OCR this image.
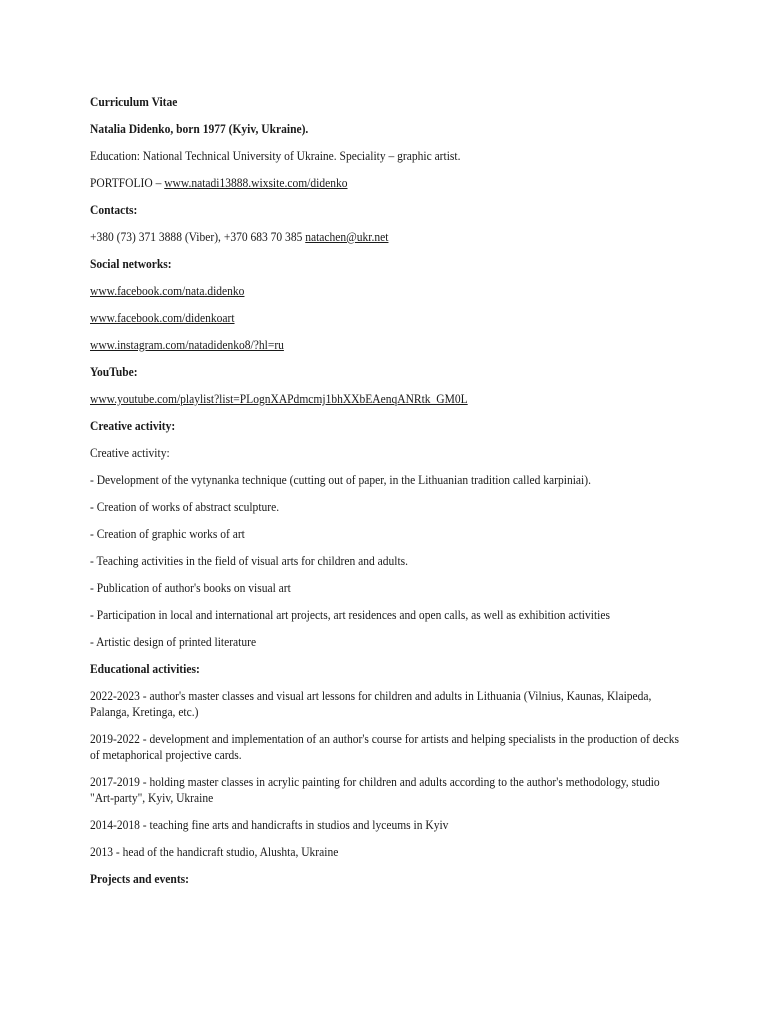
Curriculum Vitae

Natalia Didenko, born 1977 (Kyiv, Ukraine).

Education: National Technical University of Ukraine. Speciality – graphic artist.

PORTFOLIO – www.natadi13888.wixsite.com/didenko

Contacts:

+380 (73) 371 3888 (Viber), +370 683 70 385 natachen@ukr.net

Social networks:

www.facebook.com/nata.didenko

www.facebook.com/didenkoart

www.instagram.com/natadidenko8/?hl=ru

YouTube:

www.youtube.com/playlist?list=PLognXAPdmcmj1bhXXbEAenqANRtk_GM0L

Creative activity:

Creative activity:

- Development of the vytynanka technique (cutting out of paper, in the Lithuanian tradition called karpiniai).

- Creation of works of abstract sculpture.

- Creation of graphic works of art

- Teaching activities in the field of visual arts for children and adults.

- Publication of author's books on visual art

- Participation in local and international art projects, art residences and open calls, as well as exhibition activities

- Artistic design of printed literature

Educational activities:

2022-2023 - author's master classes and visual art lessons for children and adults in Lithuania (Vilnius, Kaunas, Klaipeda, Palanga, Kretinga, etc.)

2019-2022 - development and implementation of an author's course for artists and helping specialists in the production of decks of metaphorical projective cards.

2017-2019 - holding master classes in acrylic painting for children and adults according to the author's methodology, studio "Art-party", Kyiv, Ukraine

2014-2018 - teaching fine arts and handicrafts in studios and lyceums in Kyiv

2013 - head of the handicraft studio, Alushta, Ukraine

Projects and events:
